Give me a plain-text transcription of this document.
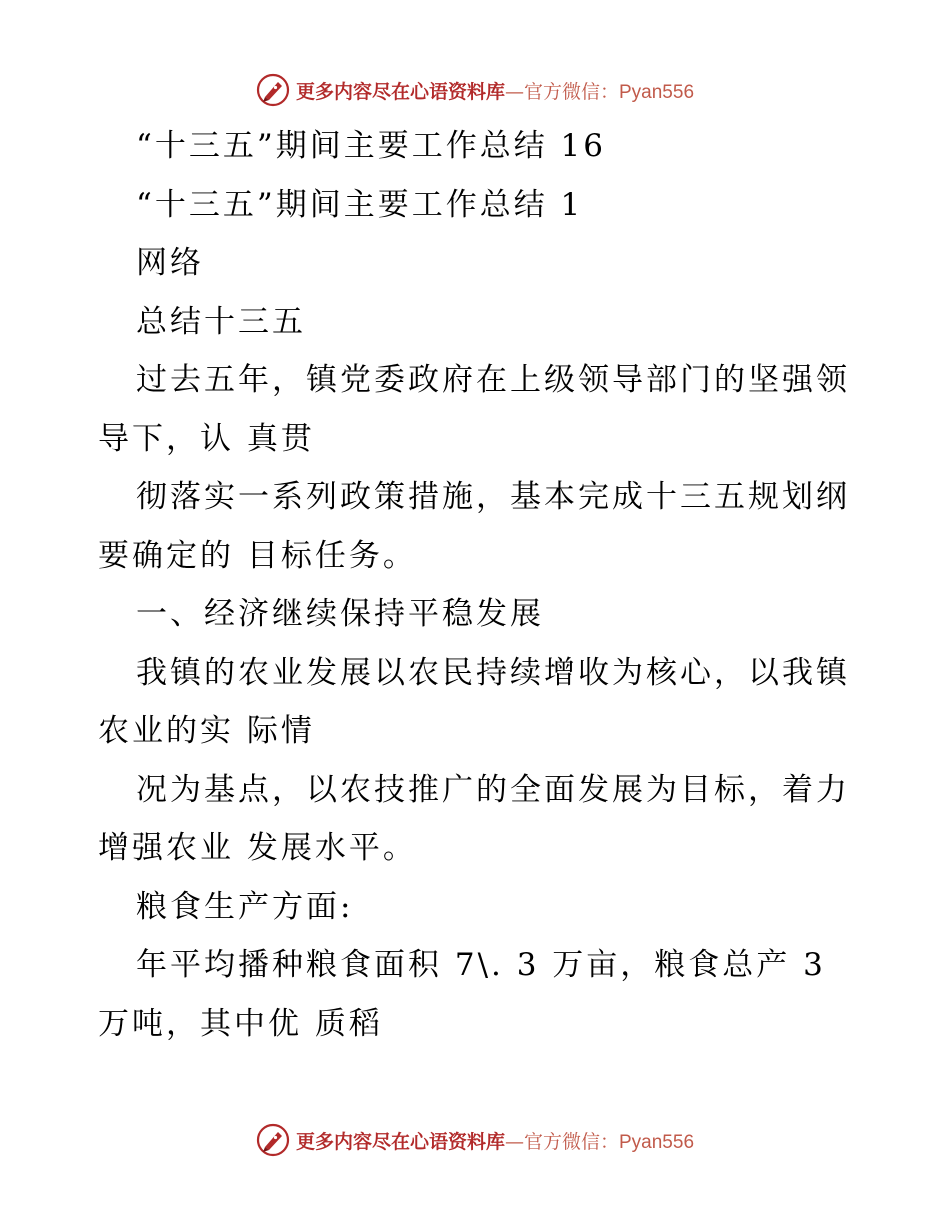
更多内容尽在心语资料库—官方微信：Pyan556
“十三五”期间主要工作总结 16
“十三五”期间主要工作总结 1
网络
总结十三五
过去五年，镇党委政府在上级领导部门的坚强领
导下，认 真贯
彻落实一系列政策措施，基本完成十三五规划纲
要确定的 目标任务。
一、经济继续保持平稳发展
我镇的农业发展以农民持续增收为核心，以我镇
农业的实 际情
况为基点，以农技推广的全面发展为目标，着力
增强农业 发展水平。
粮食生产方面:
年平均播种粮食面积 7\. 3 万亩，粮食总产 3
万吨，其中优 质稻
更多内容尽在心语资料库—官方微信：Pyan556
